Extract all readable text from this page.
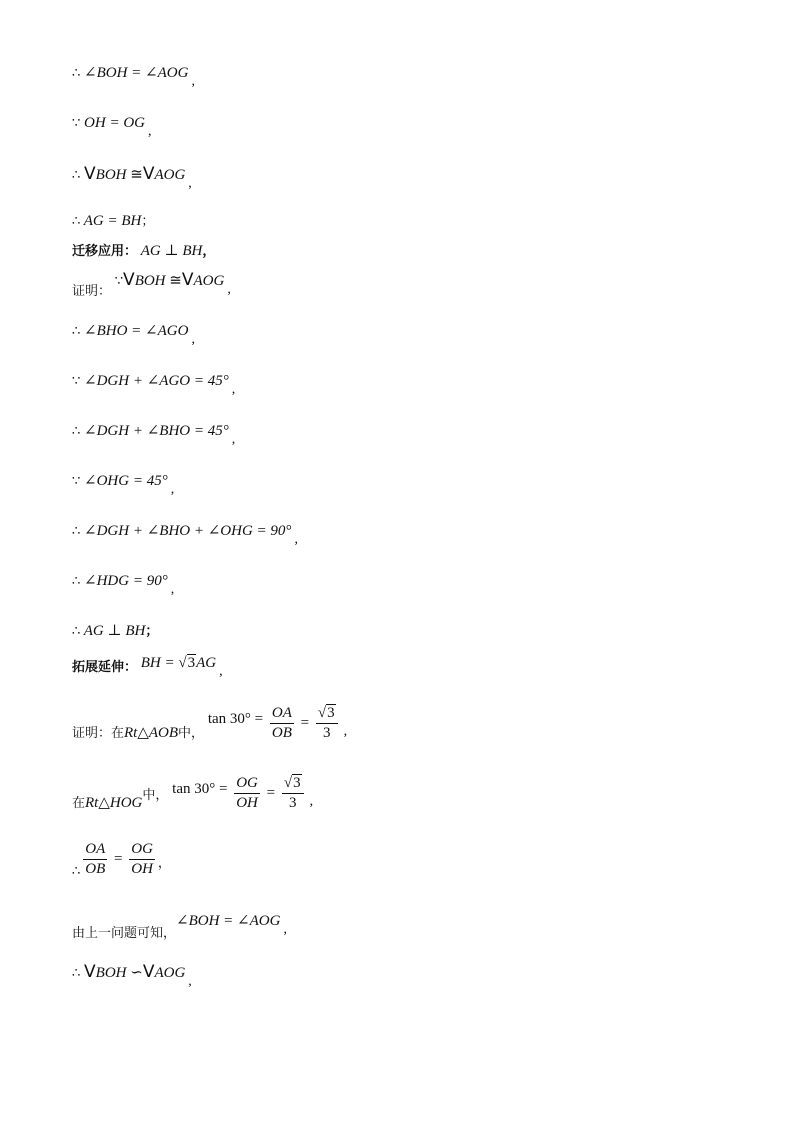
∴ ∠BOH = ∠AOG,
∵ OH = OG,
∴ VBOH ≅VAOG,
∴ AG = BH；
迁移应用： AG ⊥ BH，
证明： ∵VBOH ≅VAOG,
∴ ∠BHO = ∠AGO,
∵ ∠DGH + ∠AGO = 45°,
∴ ∠DGH + ∠BHO = 45°,
∵ ∠OHG = 45°,
∴ ∠DGH + ∠BHO + ∠OHG = 90°,
∴ ∠HDG = 90°,
∴ AG ⊥ BH；
拓展延伸： BH = √3AG,
证明：在Rt△AOB中， $\tan 30^\circ = \frac{OA}{OB} = \frac{√3}{3}$ ,
在Rt△HOG中， $\tan 30^\circ = \frac{OG}{OH} = \frac{√3}{3}$ ,
∴ $\frac{OA}{OB} = \frac{OG}{OH}$ ，
由上一问题可知，∠BOH = ∠AOG,
∴ VBOH ∽VAOG,
